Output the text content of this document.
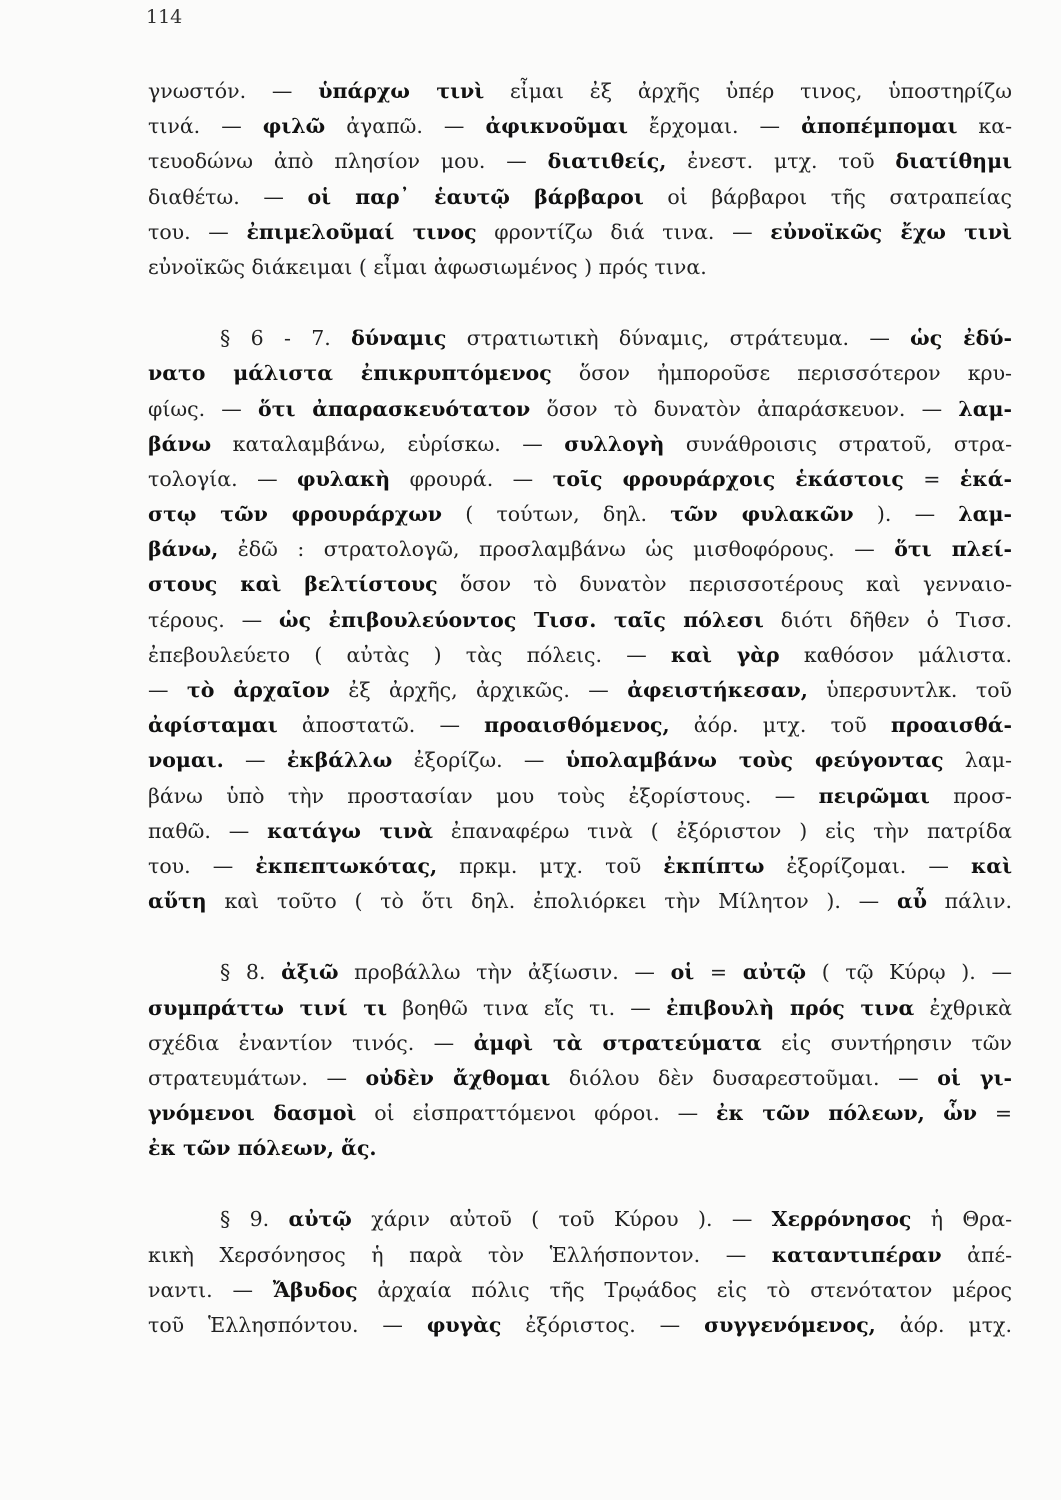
114
γνωστόν. — ὑπάρχω τινὶ εἶμαι ἐξ ἀρχῆς ὑπέρ τινος, ὑποστηρίζω
τινά. — φιλῶ ἀγαπῶ. — ἀφικνοῦμαι ἔρχομαι. — ἀποπέμπομαι κα-
τευοδώνω ἀπὸ πλησίον μου. — διατιθείς, ἐνεστ. μτχ. τοῦ διατίθημι
διαθέτω. — οἱ παρ᾿ ἑαυτῷ βάρβαροι οἱ βάρβαροι τῆς σατραπείας
του. — ἐπιμελοῦμαί τινος φροντίζω διά τινα. — εὐνοϊκῶς ἔχω τινὶ
εὐνοϊκῶς διάκειμαι ( εἶμαι ἀφωσιωμένος ) πρός τινα.
§ 6 - 7. δύναμις στρατιωτικὴ δύναμις, στράτευμα. — ὡς ἐδύ-
νατο μάλιστα ἐπικρυπτόμενος ὅσον ἠμποροῦσε περισσότερον κρυ-
φίως. — ὅτι ἀπαρασκευότατον ὅσον τὸ δυνατὸν ἀπαράσκευον. — λαμ-
βάνω καταλαμβάνω, εὑρίσκω. — συλλογὴ συνάθροισις στρατοῦ, στρα-
τολογία. — φυλακὴ φρουρά. — τοῖς φρουράρχοις ἑκάστοις = ἑκά-
στῳ τῶν φρουράρχων ( τούτων, δηλ. τῶν φυλακῶν ). — λαμ-
βάνω, ἐδῶ : στρατολογῶ, προσλαμβάνω ὡς μισθοφόρους. — ὅτι πλεί-
στους καὶ βελτίστους ὅσον τὸ δυνατὸν περισσοτέρους καὶ γενναιο-
τέρους. — ὡς ἐπιβουλεύοντος Τισσ. ταῖς πόλεσι διότι δῆθεν ὁ Τισσ.
ἐπεβουλεύετο ( αὐτὰς ) τὰς πόλεις. — καὶ γὰρ καθόσον μάλιστα.
— τὸ ἀρχαῖον ἐξ ἀρχῆς, ἀρχικῶς. — ἀφειστήκεσαν, ὑπερσυντλκ. τοῦ
ἀφίσταμαι ἀποστατῶ. — προαισθόμενος, ἀόρ. μτχ. τοῦ προαισθά-
νομαι. — ἐκβάλλω ἐξορίζω. — ὑπολαμβάνω τοὺς φεύγοντας λαμ-
βάνω ὑπὸ τὴν προστασίαν μου τοὺς ἐξορίστους. — πειρῶμαι προσ-
παθῶ. — κατάγω τινὰ ἐπαναφέρω τινὰ ( ἐξόριστον ) εἰς τὴν πατρίδα
του. — ἐκπεπτωκότας, πρκμ. μτχ. τοῦ ἐκπίπτω ἐξορίζομαι. — καὶ
αὕτη καὶ τοῦτο ( τὸ ὅτι δηλ. ἐπολιόρκει τὴν Μίλητον ). — αὖ πάλιν.
§ 8. ἀξιῶ προβάλλω τὴν ἀξίωσιν. — οἱ = αὐτῷ ( τῷ Κύρῳ ). —
συμπράττω τινί τι βοηθῶ τινα εἴς τι. — ἐπιβουλὴ πρός τινα ἐχθρικὰ
σχέδια ἐναντίον τινός. — ἀμφὶ τὰ στρατεύματα εἰς συντήρησιν τῶν
στρατευμάτων. — οὐδὲν ἄχθομαι διόλου δὲν δυσαρεστοῦμαι. — οἱ γι-
γνόμενοι δασμοὶ οἱ εἰσπραττόμενοι φόροι. — ἐκ τῶν πόλεων, ὧν =
ἐκ τῶν πόλεων, ἅς.
§ 9. αὐτῷ χάριν αὐτοῦ ( τοῦ Κύρου ). — Χερρόνησος ἡ Θρα-
κικὴ Χερσόνησος ἡ παρὰ τὸν Ἑλλήσποντον. — καταντιπέραν ἀπέ-
ναντι. — Ἄβυδος ἀρχαία πόλις τῆς Τρῳάδος εἰς τὸ στενότατον μέρος
τοῦ Ἑλλησπόντου. — φυγὰς ἐξόριστος. — συγγενόμενος, ἀόρ. μτχ.
